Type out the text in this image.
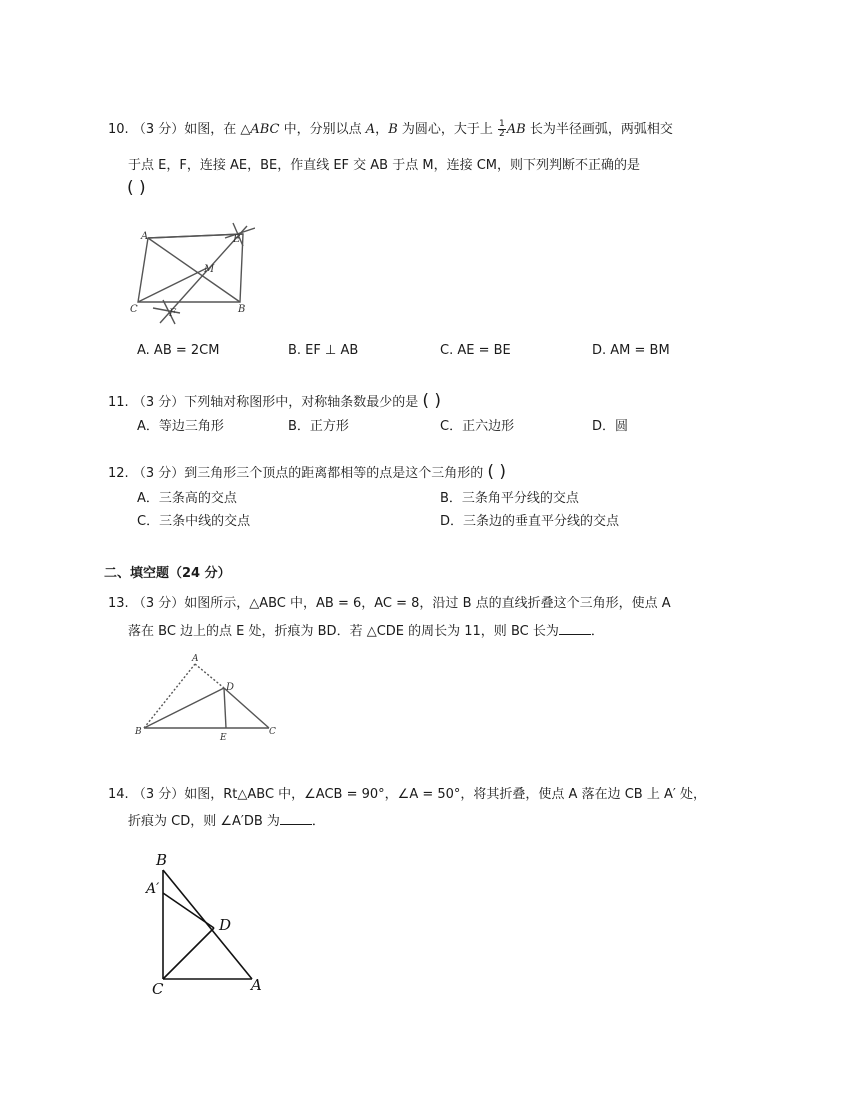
10. （3 分）如图，在 △ABC 中，分别以点 A，B 为圆心，大于上 $\frac{1}{2}$ AB 长为半径画弧，两弧相交
于点 E，F，连接 AE，BE，作直线 EF 交 AB 于点 M，连接 CM，则下列判断不正确的是
( )
A	E
M
C	F	B
A. AB = 2CM	B. EF ⊥ AB	C. AE = BE	D. AM = BM
11. （3 分）下列轴对称图形中，对称轴条数最少的是 ( )
A．等边三角形	B．正方形	C．正六边形	D．圆
12. （3 分）到三角形三个顶点的距离都相等的点是这个三角形的 ( )
A．三条高的交点	B．三条角平分线的交点
C．三条中线的交点	D．三条边的垂直平分线的交点
二、填空题（24 分）
13. （3 分）如图所示，△ABC 中，AB = 6，AC = 8，沿过 B 点的直线折叠这个三角形，使点 A
落在 BC 边上的点 E 处，折痕为 BD．若 △CDE 的周长为 11，则 BC 长为 ．
A
D
B
E
C
14. （3 分）如图，Rt△ABC 中，∠ACB = 90°，∠A = 50°，将其折叠，使点 A 落在边 CB 上 A′ 处，
折痕为 CD，则 ∠A′DB 为 ．
B
A′
D
C	A
